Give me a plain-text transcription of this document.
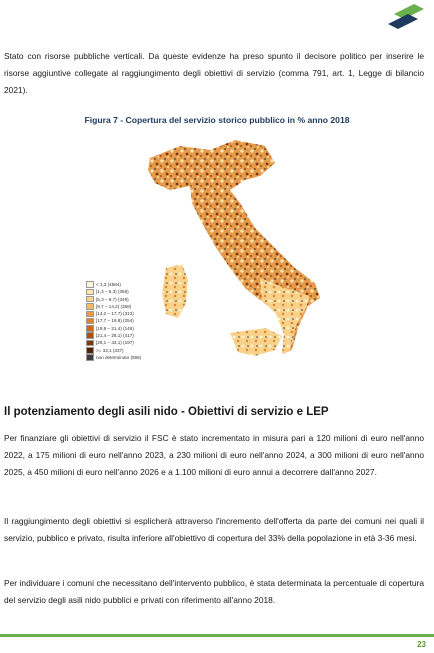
Stato con risorse pubbliche verticali. Da queste evidenze ha preso spunto il decisore politico per inserire le risorse aggiuntive collegate al raggiungimento degli obiettivi di servizio (comma 791, art. 1, Legge di bilancio 2021).

Figura 7 - Copertura del servizio storico pubblico in % anno 2018
< 1,3 (4584)
[1,3 – 5,3) (356)
[5,3 – 9,7) (349)
[9,7 – 14,2) (358)
[14,2 – 17,7) (313)
[17,7 – 19,8) (254)
[19,8 – 21,4) (146)
[21,4 – 28,1) (417)
[28,1 – 33,1) (197)
>= 33,1 (337)
non determinato (595)
Il potenziamento degli asili nido - Obiettivi di servizio e LEP

Per finanziare gli obiettivi di servizio il FSC è stato incrementato in misura pari a 120 milioni di euro nell'anno 2022, a 175 milioni di euro nell'anno 2023, a 230 milioni di euro nell'anno 2024, a 300 milioni di euro nell'anno 2025, a 450 milioni di euro nell'anno 2026 e a 1.100 milioni di euro annui a decorrere dall'anno 2027.

Il raggiungimento degli obiettivi si esplicherà attraverso l'incremento dell'offerta da parte dei comuni nei quali il servizio, pubblico e privato, risulta inferiore all'obiettivo di copertura del 33% della popolazione in età 3-36 mesi.

Per individuare i comuni che necessitano dell'intervento pubblico, è stata determinata la percentuale di copertura del servizio degli asili nido pubblici e privati con riferimento all'anno 2018.

23
